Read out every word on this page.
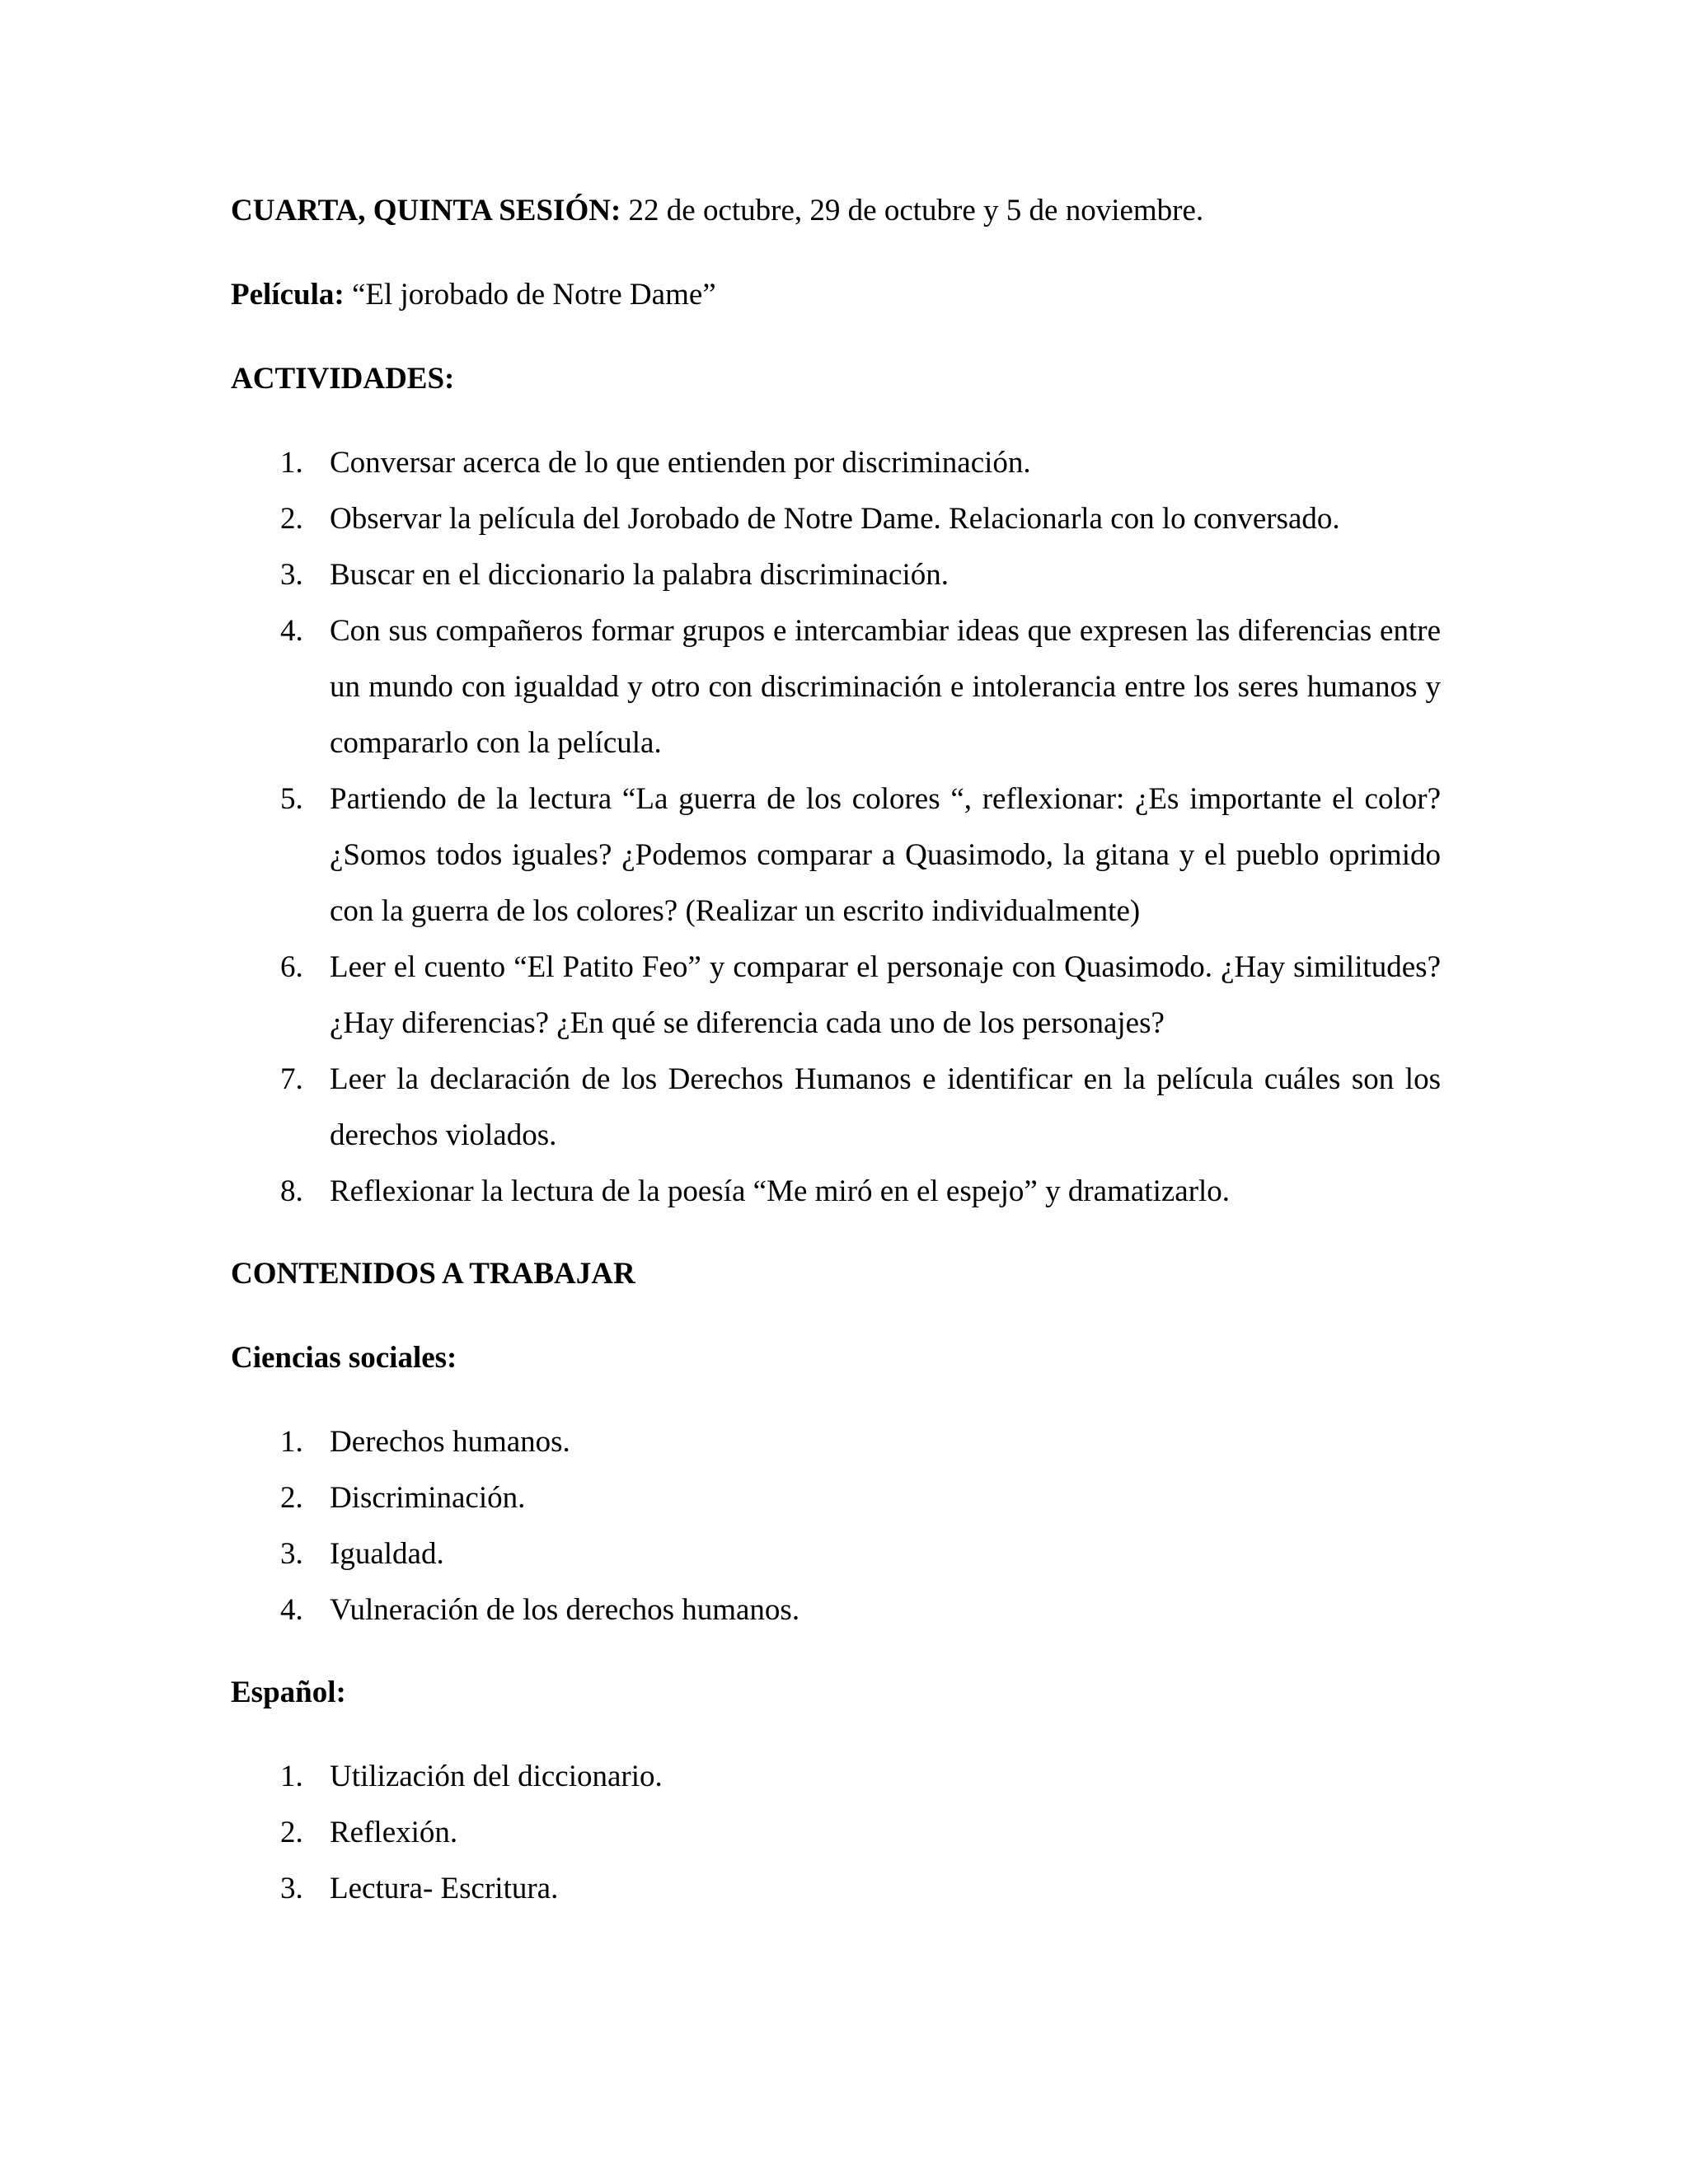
CUARTA, QUINTA SESIÓN: 22 de octubre, 29 de octubre y 5 de noviembre.

Película: “El jorobado de Notre Dame”

ACTIVIDADES:

1. Conversar acerca de lo que entienden por discriminación.
2. Observar la película del Jorobado de Notre Dame. Relacionarla con lo conversado.
3. Buscar en el diccionario la palabra discriminación.
4. Con sus compañeros formar grupos e intercambiar ideas que expresen las diferencias entre un mundo con igualdad y otro con discriminación e intolerancia entre los seres humanos y compararlo con la película.
5. Partiendo de la lectura “La guerra de los colores “, reflexionar: ¿Es importante el color? ¿Somos todos iguales? ¿Podemos comparar a Quasimodo, la gitana y el pueblo oprimido con la guerra de los colores? (Realizar un escrito individualmente)
6. Leer el cuento “El Patito Feo” y comparar el personaje con Quasimodo. ¿Hay similitudes? ¿Hay diferencias? ¿En qué se diferencia cada uno de los personajes?
7. Leer la declaración de los Derechos Humanos e identificar en la película cuáles son los derechos violados.
8. Reflexionar la lectura de la poesía “Me miró en el espejo” y dramatizarlo.

CONTENIDOS A TRABAJAR

Ciencias sociales:

1. Derechos humanos.
2. Discriminación.
3. Igualdad.
4. Vulneración de los derechos humanos.

Español:

1. Utilización del diccionario.
2. Reflexión.
3. Lectura- Escritura.
